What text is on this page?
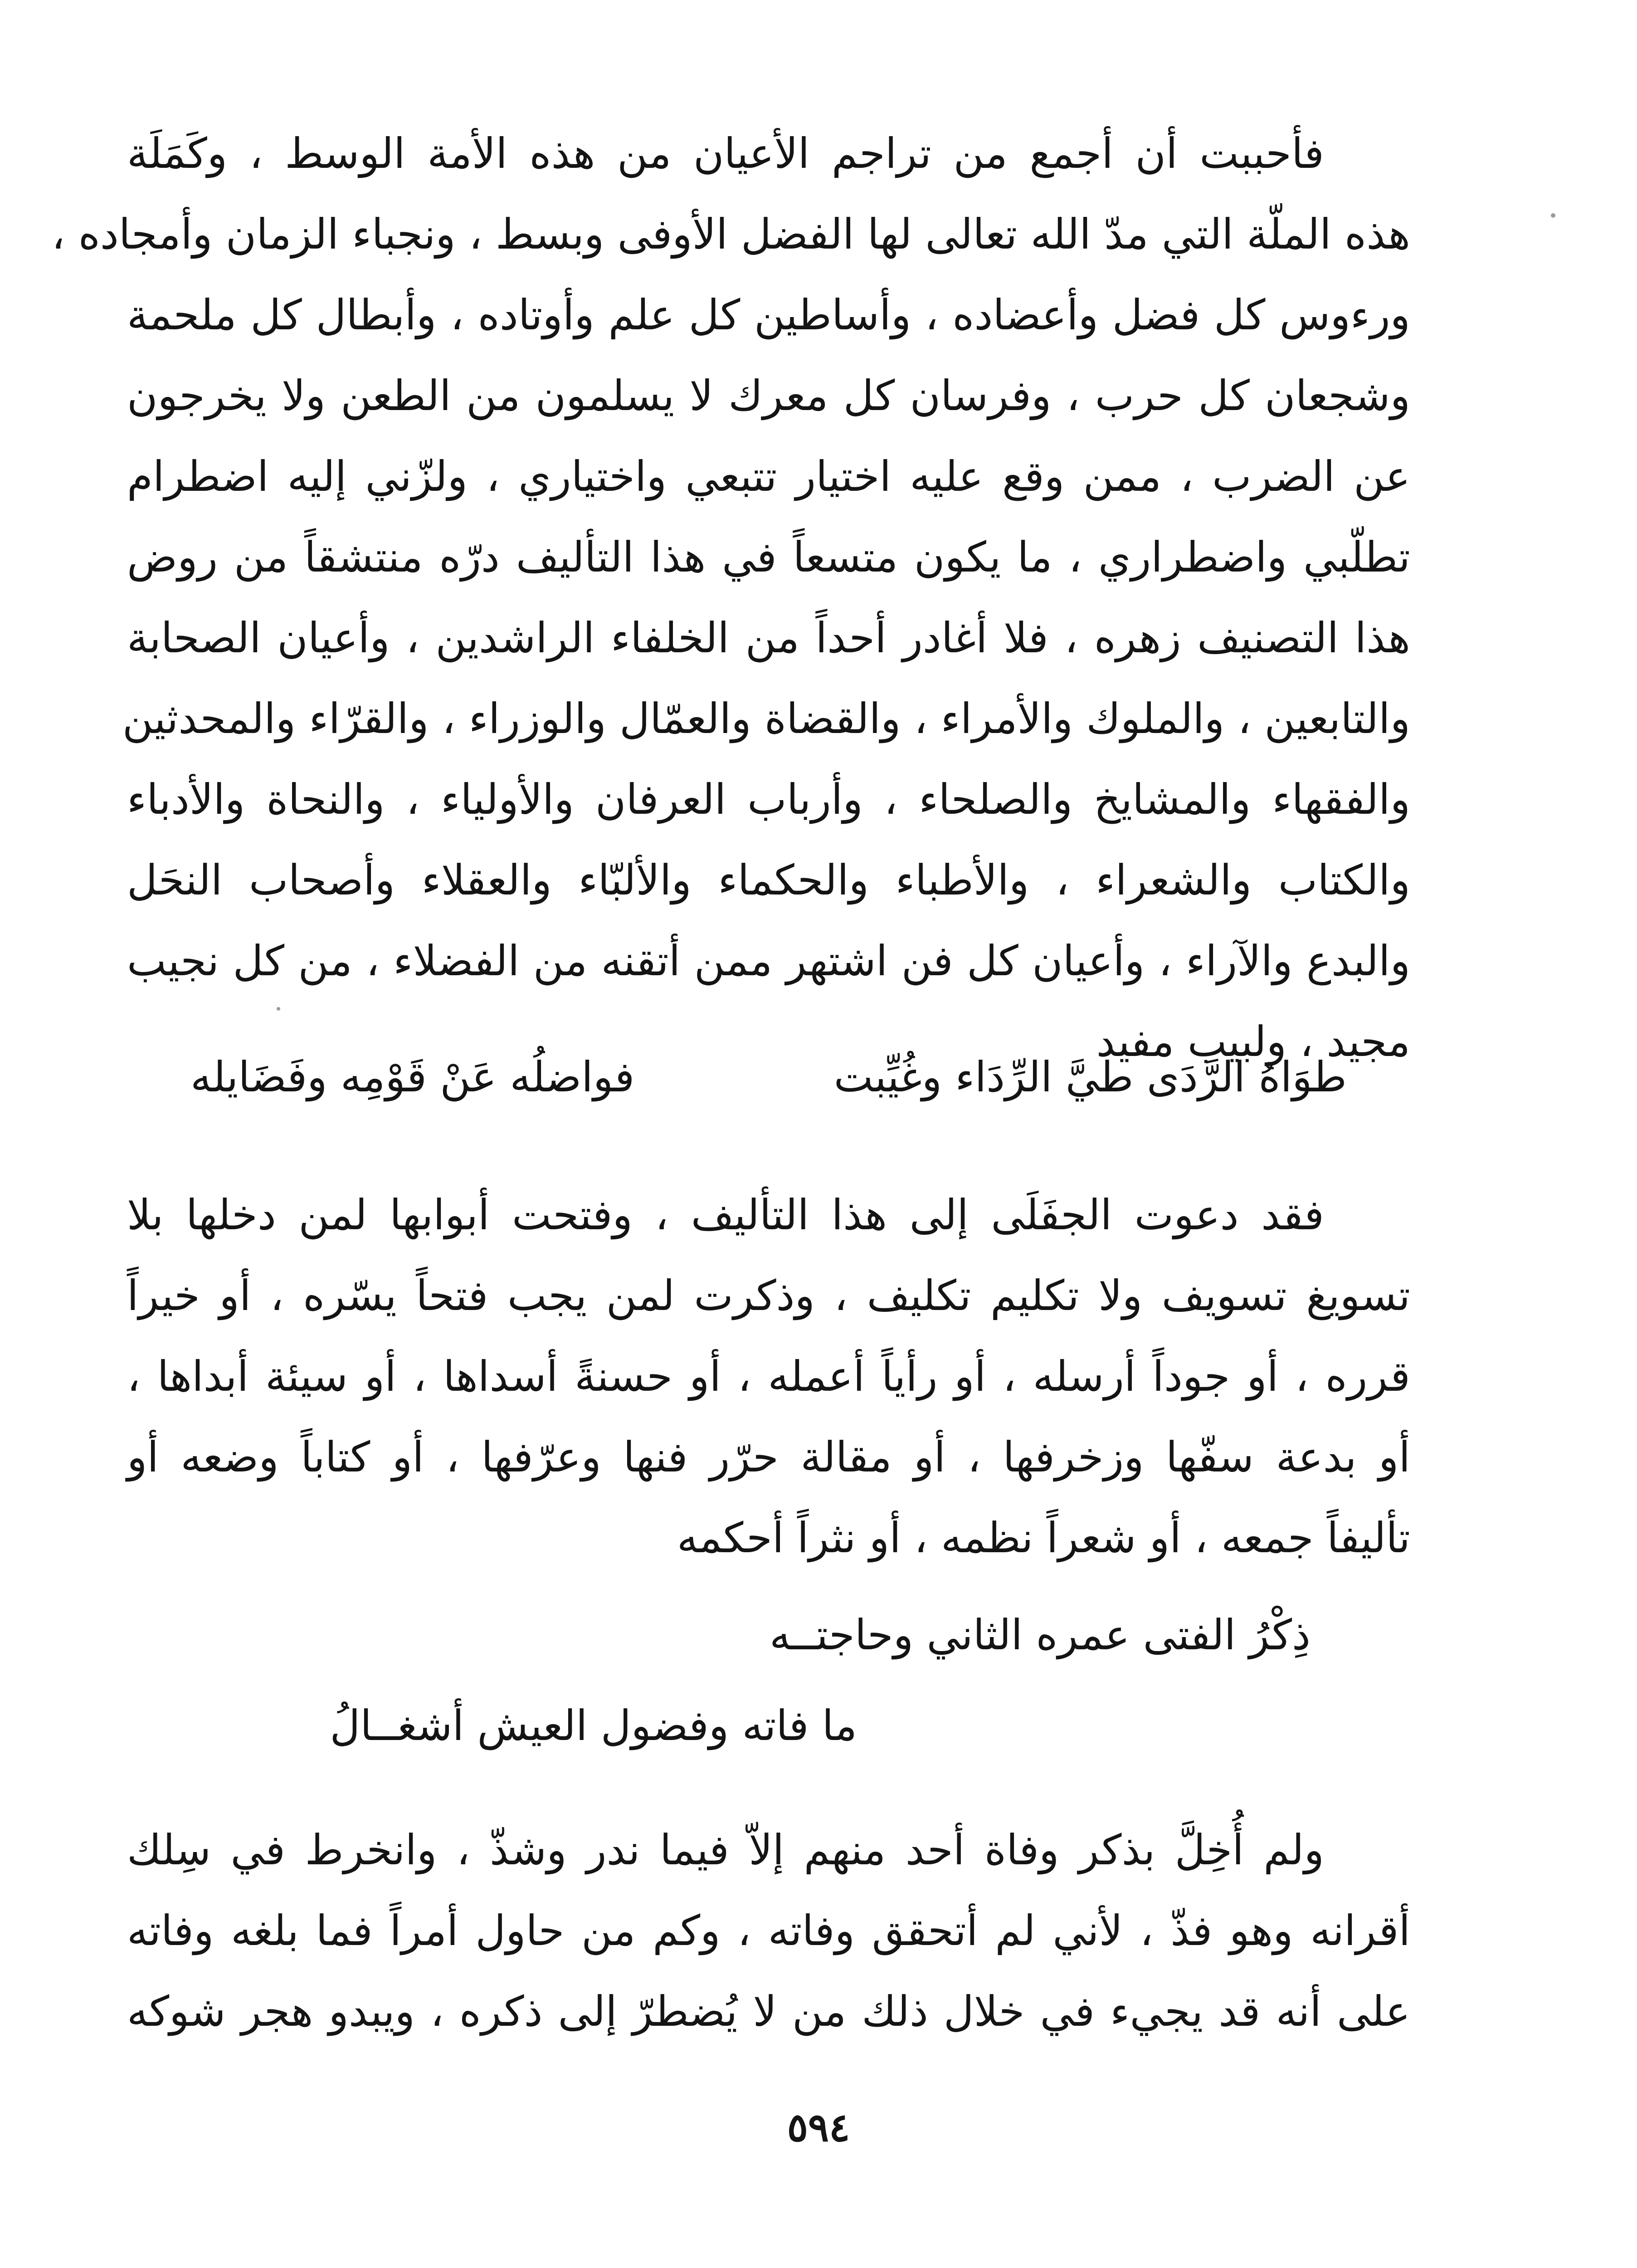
فأحببت أن أجمع من تراجم الأعيان من هذه الأمة الوسط ، وكَمَلَة
هذه الملّة التي مدّ الله تعالى لها الفضل الأوفى وبسط ، ونجباء الزمان وأمجاده ،
ورءوس كل فضل وأعضاده ، وأساطين كل علم وأوتاده ، وأبطال كل ملحمة
وشجعان كل حرب ، وفرسان كل معرك لا يسلمون من الطعن ولا يخرجون
عن الضرب ، ممن وقع عليه اختيار تتبعي واختياري ، ولزّني إليه اضطرام
تطلّبي واضطراري ، ما يكون متسعاً في هذا التأليف درّه منتشقاً من روض
هذا التصنيف زهره ، فلا أغادر أحداً من الخلفاء الراشدين ، وأعيان الصحابة
والتابعين ، والملوك والأمراء ، والقضاة والعمّال والوزراء ، والقرّاء والمحدثين
والفقهاء والمشايخ والصلحاء ، وأرباب العرفان والأولياء ، والنحاة والأدباء
والكتاب والشعراء ، والأطباء والحكماء والألبّاء والعقلاء وأصحاب النحَل
والبدع والآراء ، وأعيان كل فن اشتهر ممن أتقنه من الفضلاء ، من كل نجيب
مجيد ، ولبيب مفيد
طوَاهُ الرَّدَى طيَّ الرِّدَاء وغُيِّبت
فواضلُه عَنْ قَوْمِه وفَضَايله
فقد دعوت الجفَلَى إلى هذا التأليف ، وفتحت أبوابها لمن دخلها بلا
تسويغ تسويف ولا تكليم تكليف ، وذكرت لمن يجب فتحاً يسّره ، أو خيراً
قرره ، أو جوداً أرسله ، أو رأياً أعمله ، أو حسنةً أسداها ، أو سيئة أبداها ،
أو بدعة سفّها وزخرفها ، أو مقالة حرّر فنها وعرّفها ، أو كتاباً وضعه أو
تأليفاً جمعه ، أو شعراً نظمه ، أو نثراً أحكمه
ذِكْرُ الفتى عمره الثاني وحاجتــه
ما فاته وفضول العيش أشغــالُ
ولم أُخِلَّ بذكر وفاة أحد منهم إلاّ فيما ندر وشذّ ، وانخرط في سِلك
أقرانه وهو فذّ ، لأني لم أتحقق وفاته ، وكم من حاول أمراً فما بلغه وفاته
على أنه قد يجيء في خلال ذلك من لا يُضطرّ إلى ذكره ، ويبدو هجر شوكه
٥٩٤
